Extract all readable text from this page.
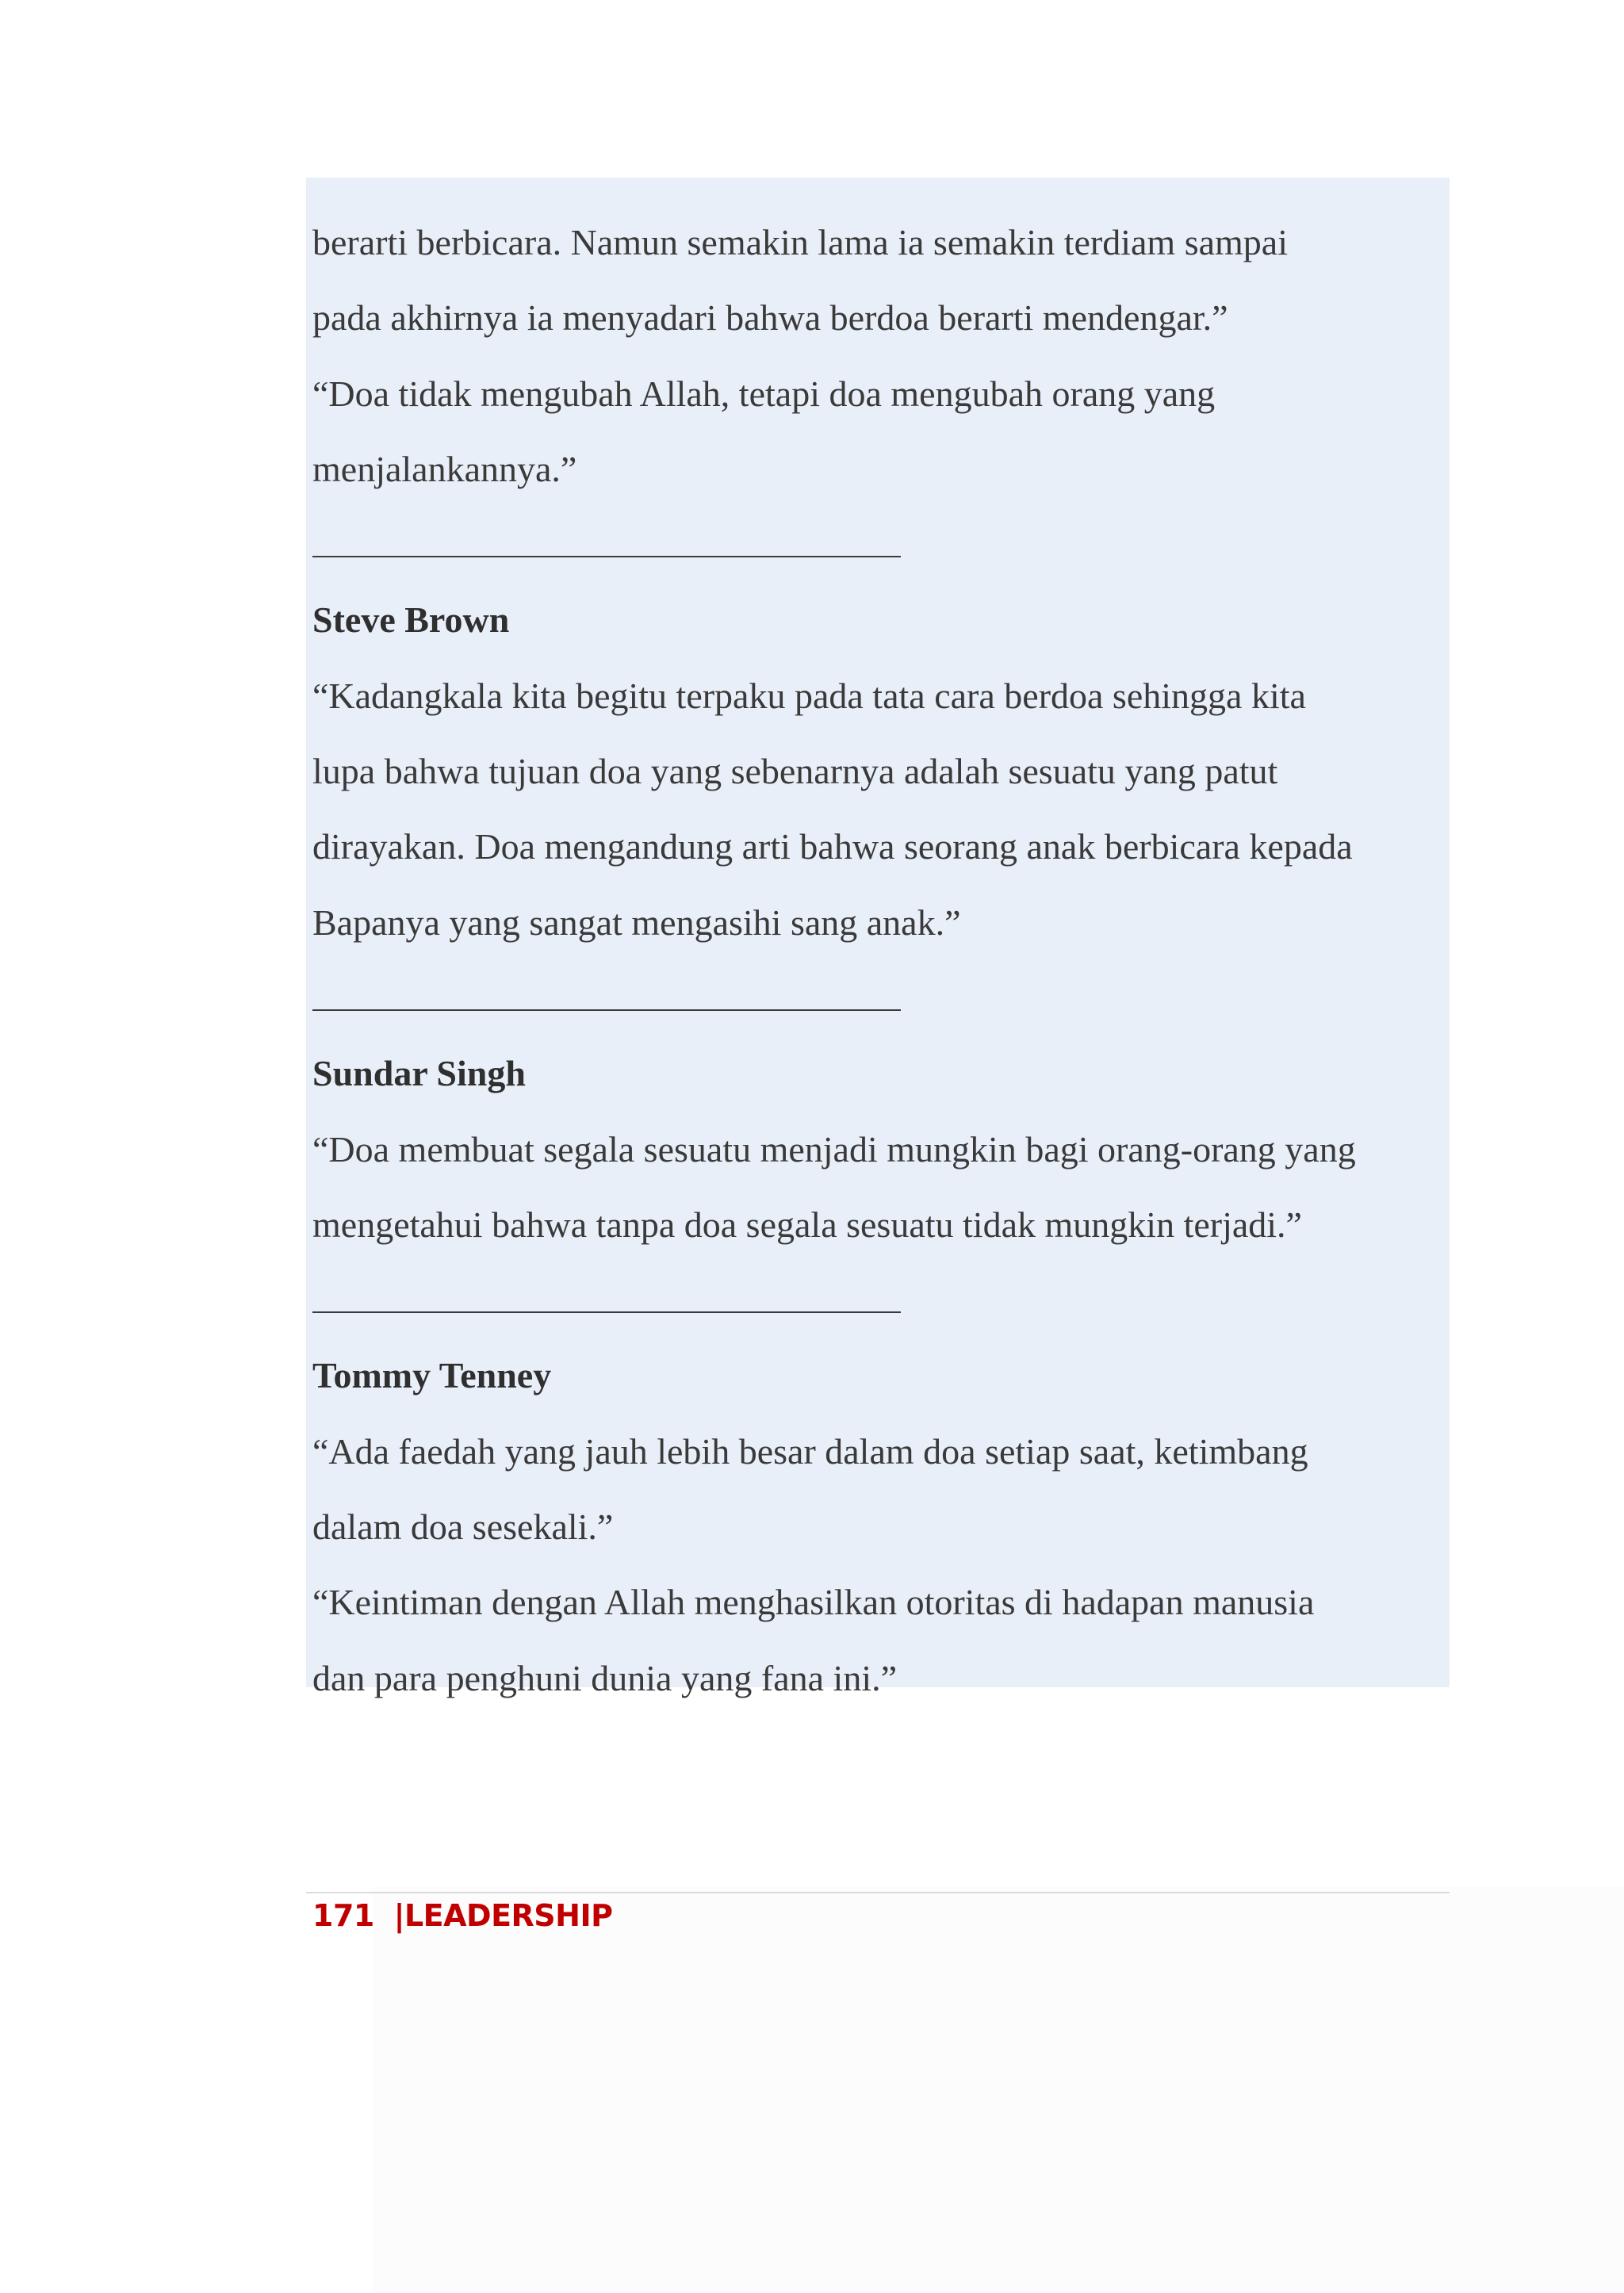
berarti berbicara. Namun semakin lama ia semakin terdiam sampai
pada akhirnya ia menyadari bahwa berdoa berarti mendengar.”
“Doa tidak mengubah Allah, tetapi doa mengubah orang yang
menjalankannya.”
Steve Brown
“Kadangkala kita begitu terpaku pada tata cara berdoa sehingga kita
lupa bahwa tujuan doa yang sebenarnya adalah sesuatu yang patut
dirayakan. Doa mengandung arti bahwa seorang anak berbicara kepada
Bapanya yang sangat mengasihi sang anak.”
Sundar Singh
“Doa membuat segala sesuatu menjadi mungkin bagi orang-orang yang
mengetahui bahwa tanpa doa segala sesuatu tidak mungkin terjadi.”
Tommy Tenney
“Ada faedah yang jauh lebih besar dalam doa setiap saat, ketimbang
dalam doa sesekali.”
“Keintiman dengan Allah menghasilkan otoritas di hadapan manusia
dan para penghuni dunia yang fana ini.”
171 |LEADERSHIP
